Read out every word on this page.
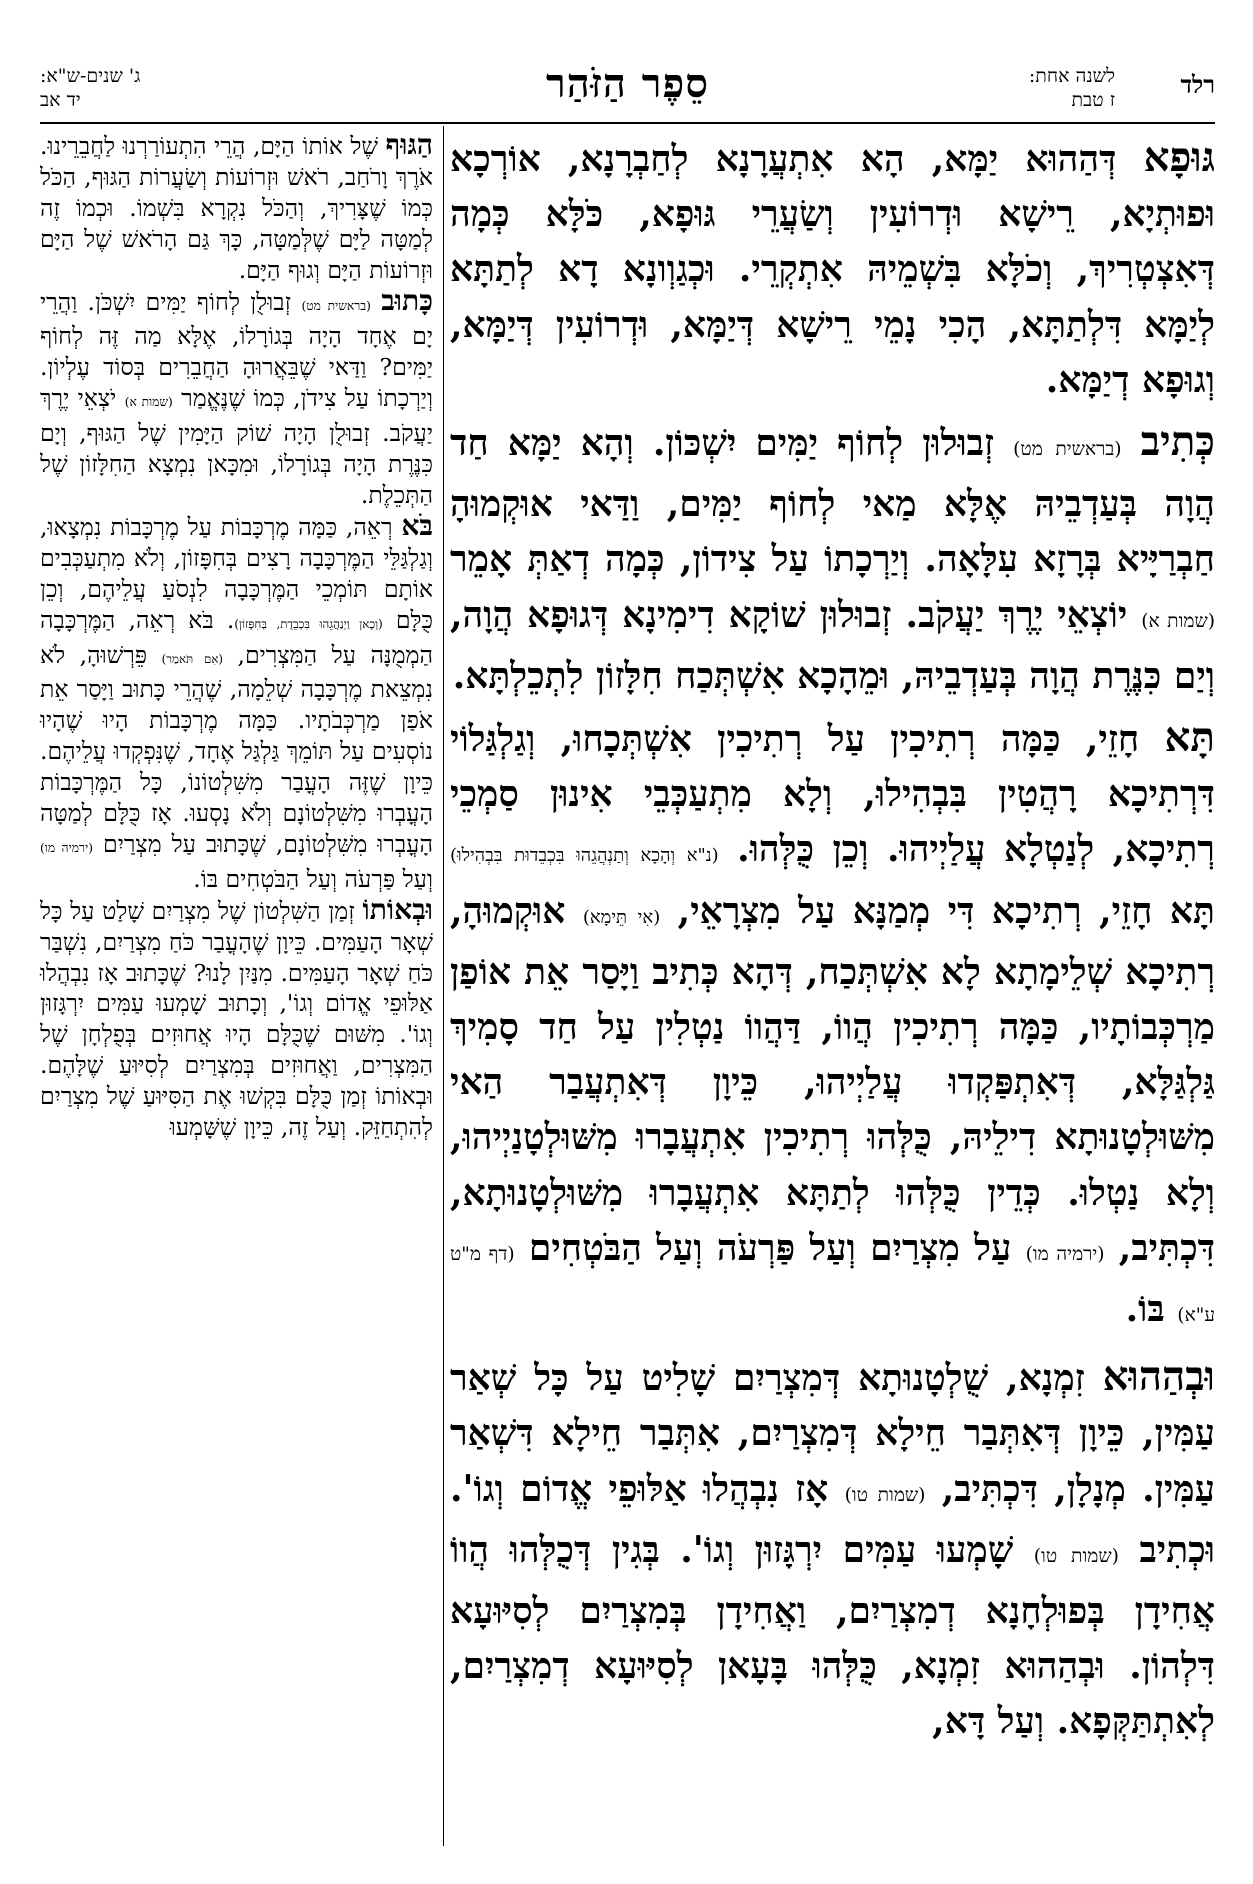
רלד
לשנה אחת:
ז טבת
סֵפֶר הַזֹּהַר
ג' שנים-ש"א:
יד אב

גּוּפָא דְּהַהוּא יַמָּא, הָא אִתְעֲרָנָא לְחַבְרָנָא, אוֹרְכָא וּפוּתְיָא, רֵישָׁא וּדְרוֹעִין וְשַׂעֲרֵי גּוּפָא, כֹּלָּא כְּמָה דְּאִצְטְרִיךְ, וְכֹלָּא בִּשְׁמֵיהּ אִתְקְרֵי. וּכְגַוְונָא דָא לְתַתָּא לְיַמָּא דִּלְתַתָּא, הָכִי נָמֵי רֵישָׁא דְּיַמָּא, וּדְרוֹעִין דְּיַמָּא, וְגוּפָא דְיַמָּא.

כְּתִיב (בראשית מט) זְבוּלוּן לְחוֹף יַמִּים יִשְׁכּוֹן. וְהָא יַמָּא חַד הֲוָה בְּעַדְבֵיהּ אֶלָּא מַאי לְחוֹף יַמִּים, וַדַּאי אוּקְמוּהָ חַבְרַיָּיא בְּרָזָא עִלָּאָה. וְיַרְכָתוֹ עַל צִידוֹן, כְּמָה דְאַתְּ אָמֵר (שמות א) יוֹצְאֵי יֶרֶךְ יַעֲקֹב. זְבוּלוּן שׁוֹקָא דִימִינָא דְּגוּפָא הֲוָה, וְיַם כִּנֶּרֶת הֲוָה בְּעַדְבֵיהּ, וּמֵהָכָא אִשְׁתְּכַח חִלָּזוֹן לִתְכֵלְתָּא.

תָּא חָזֵי, כַּמָּה רְתִיכִין עַל רְתִיכִין אִשְׁתְּכָחוּ, וְגַלְגַּלוֹי דִּרְתִיכָא רָהֲטִין בִּבְהִילוּ, וְלָא מִתְעַכְּבֵי אִינוּן סַמְכֵי רְתִיכָא, לְנַטְלָא עֲלַיְיהוּ. וְכֵן כֻּלְּהוּ. (נ"א וְהָכָא וְתַנְהֲגֵהוּ בִּכְבֵדוּת בִּבְהִילוּ) תָּא חָזֵי, רְתִיכָא דִּי מְמַנָּא עַל מִצְרָאֵי, (אִי תֵּימָא) אוּקְמוּהָ, רְתִיכָא שְׁלֵימָתָא לָא אִשְׁתְּכַח, דְּהָא כְּתִיב וַיָּסַר אֵת אוֹפַן מַרְכְּבוֹתָיו, כַּמָּה רְתִיכִין הֲווֹ, דַּהֲווֹ נַטְלִין עַל חַד סָמִיךְ גַּלְגַּלָּא, דְּאִתְפַּקְדוּ עֲלַיְיהוּ, כֵּיוָן דְּאִתְעֲבַר הַאי מִשּׁוּלְטָנוּתָא דִילֵיהּ, כֻּלְּהוּ רְתִיכִין אִתְעֲבָרוּ מִשּׁוּלְטָנַיְיהוּ, וְלָא נַטְלוּ. כְּדֵין כֻּלְּהוּ לְתַתָּא אִתְעֲבָרוּ מִשּׁוּלְטָנוּתָא, דִּכְתִּיב, (ירמיה מו) עַל מִצְרַיִם וְעַל פַּרְעֹה וְעַל הַבֹּטְחִים (דף מ"ט ע"א) בּוֹ.

וּבְהַהוּא זִמְנָא, שֻׁלְטָנוּתָא דְּמִצְרַיִם שָׁלִיט עַל כָּל שְׁאַר עַמִּין, כֵּיוָן דְּאִתְּבַר חֵילָא דְּמִצְרַיִם, אִתְּבַר חֵילָא דִּשְׁאַר עַמִּין. מְנָלָן, דִּכְתִּיב, (שמות טו) אָז נִבְהֲלוּ אַלּוּפֵי אֱדוֹם וְגוֹ'. וּכְתִיב (שמות טו) שָׁמְעוּ עַמִּים יִרְגָּזוּן וְגוֹ'. בְּגִין דְּכֻלְּהוּ הֲווֹ אֲחִידָן בְּפוּלְחָנָא דְמִצְרַיִם, וַאֲחִידָן בְּמִצְרַיִם לְסִיּוּעָא דִּלְהוֹן. וּבְהַהוּא זִמְנָא, כֻּלְּהוּ בָּעָאן לְסִיּוּעָא דְמִצְרַיִם, לְאִתְתַּקְּפָא. וְעַל דָּא,

הַגּוּף שֶׁל אוֹתוֹ הַיָּם, הֲרֵי הִתְעוֹרַרְנוּ לַחֲבֵרֵינוּ. אֹרֶךְ וָרֹחַב, רֹאשׁ וּזְרוֹעוֹת וְשַׂעֲרוֹת הַגּוּף, הַכֹּל כְּמוֹ שֶׁצָּרִיךְ, וְהַכֹּל נִקְרָא בִּשְׁמוֹ. וּכְמוֹ זֶה לְמַטָּה לַיָּם שֶׁלְּמַטָּה, כָּךְ גַּם הָרֹאשׁ שֶׁל הַיָּם וּזְרוֹעוֹת הַיָּם וְגוּף הַיָּם.

כָּתוּב (בראשית מט) זְבוּלֻן לְחוֹף יַמִּים יִשְׁכֹּן. וַהֲרֵי יָם אֶחָד הָיָה בְּגוֹרָלוֹ, אֶלָּא מַה זֶּה לְחוֹף יַמִּים? וַדַּאי שֶׁבֵּאֲרוּהָ הַחֲבֵרִים בְּסוֹד עֶלְיוֹן. וְיַרְכָתוֹ עַל צִידֹן, כְּמוֹ שֶׁנֶּאֱמַר (שמות א) יֹצְאֵי יֶרֶךְ יַעֲקֹב. זְבוּלֻן הָיָה שׁוֹק הַיָּמִין שֶׁל הַגּוּף, וְיָם כִּנֶּרֶת הָיָה בְּגוֹרָלוֹ, וּמִכָּאן נִמְצָא הַחִלָּזוֹן שֶׁל הַתְּכֵלֶת.

בֹּא רְאֵה, כַּמָּה מֶרְכָּבוֹת עַל מֶרְכָּבוֹת נִמְצָאוּ, וְגַלְגַּלֵּי הַמֶּרְכָּבָה רָצִים בְּחִפָּזוֹן, וְלֹא מִתְעַכְּבִים אוֹתָם תּוֹמְכֵי הַמֶּרְכָּבָה לִנְסֹעַ עֲלֵיהֶם, וְכֵן כֻּלָּם (וְכָאן וַיְנַהֲגֵהוּ בִּכְבֵדֻת, בְּחִפָּזוֹן). בֹּא רְאֵה, הַמֶּרְכָּבָה הַמְמֻנָּה עַל הַמִּצְרִים, (אִם תֹּאמַר) פֵּרְשׁוּהָ, לֹא נִמְצֵאת מֶרְכָּבָה שְׁלֵמָה, שֶׁהֲרֵי כָּתוּב וַיָּסַר אֵת אֹפַן מַרְכְּבֹתָיו. כַּמָּה מֶרְכָּבוֹת הָיוּ שֶׁהָיוּ נוֹסְעִים עַל תּוֹמֵךְ גַּלְגַּל אֶחָד, שֶׁנִּפְקְדוּ עֲלֵיהֶם. כֵּיוָן שֶׁזֶּה הָעֳבַר מִשִּׁלְטוֹנוֹ, כָּל הַמֶּרְכָּבוֹת הָעֳבְרוּ מִשִּׁלְטוֹנָם וְלֹא נָסְעוּ. אָז כֻּלָּם לְמַטָּה הָעֳבְרוּ מִשִּׁלְטוֹנָם, שֶׁכָּתוּב עַל מִצְרַיִם (ירמיה מו) וְעַל פַּרְעֹה וְעַל הַבֹּטְחִים בּוֹ.

וּבְאוֹתוֹ זְמַן הַשִּׁלְטוֹן שֶׁל מִצְרַיִם שָׁלַט עַל כָּל שְׁאָר הָעַמִּים. כֵּיוָן שֶׁהָעֳבַר כֹּחַ מִצְרַיִם, נִשְׁבַּר כֹּחַ שְׁאָר הָעַמִּים. מִנַּיִן לָנוּ? שֶׁכָּתוּב אָז נִבְהֲלוּ אַלּוּפֵי אֱדוֹם וְגוֹ', וְכָתוּב שָׁמְעוּ עַמִּים יִרְגָּזוּן וְגוֹ'. מִשּׁוּם שֶׁכֻּלָּם הָיוּ אֲחוּזִים בְּפֻלְחָן שֶׁל הַמִּצְרִים, וַאֲחוּזִים בְּמִצְרַיִם לְסִיּוּעַ שֶׁלָּהֶם. וּבְאוֹתוֹ זְמַן כֻּלָּם בִּקְשׁוּ אֶת הַסִּיּוּעַ שֶׁל מִצְרַיִם לְהִתְחַזֵּק. וְעַל זֶה, כֵּיוָן שֶׁשָּׁמְעוּ
